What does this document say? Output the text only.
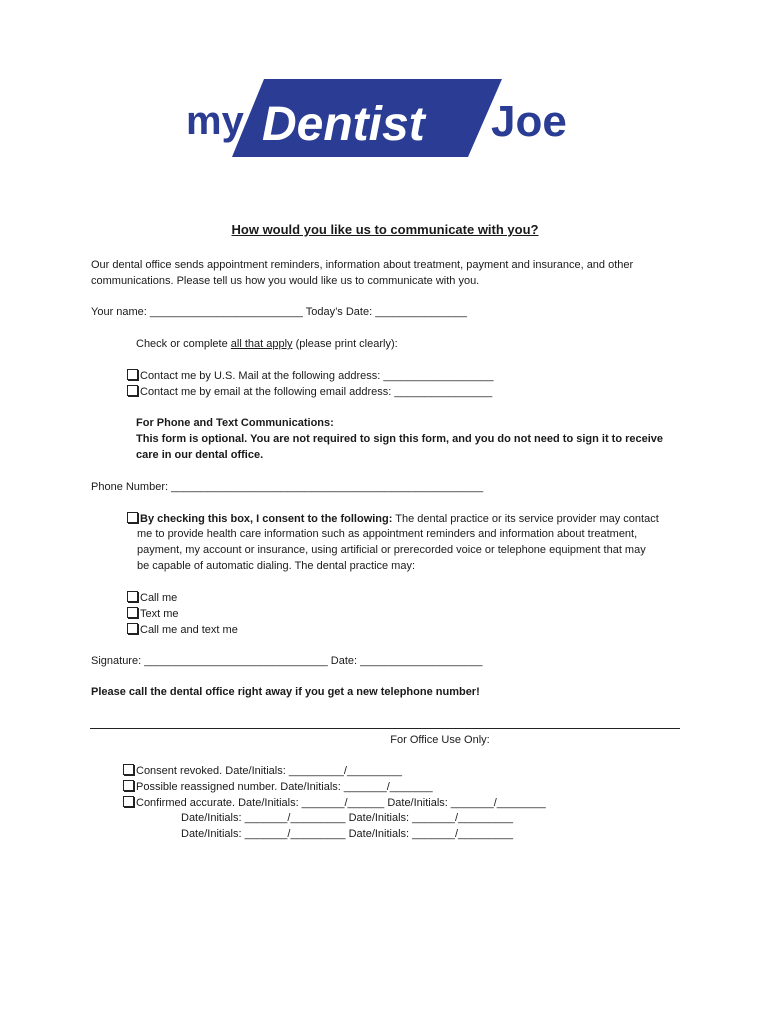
my Dentist Joe
How would you like us to communicate with you?
Our dental office sends appointment reminders, information about treatment, payment and insurance, and other
communications. Please tell us how you would like us to communicate with you.
Your name: _________________________ Today’s Date: _______________
Check or complete all that apply (please print clearly):
Contact me by U.S. Mail at the following address: __________________
Contact me by email at the following email address: ________________
For Phone and Text Communications:
This form is optional. You are not required to sign this form, and you do not need to sign it to receive
care in our dental office.
Phone Number: ___________________________________________________
By checking this box, I consent to the following: The dental practice or its service provider may contact
me to provide health care information such as appointment reminders and information about treatment,
payment, my account or insurance, using artificial or prerecorded voice or telephone equipment that may
be capable of automatic dialing. The dental practice may:
Call me
Text me
Call me and text me
Signature: ______________________________ Date: ____________________
Please call the dental office right away if you get a new telephone number!
For Office Use Only:
Consent revoked. Date/Initials: _________/_________
Possible reassigned number. Date/Initials: _______/_______
Confirmed accurate. Date/Initials: _______/______ Date/Initials: _______/________
Date/Initials: _______/_________ Date/Initials: _______/_________
Date/Initials: _______/_________ Date/Initials: _______/_________
